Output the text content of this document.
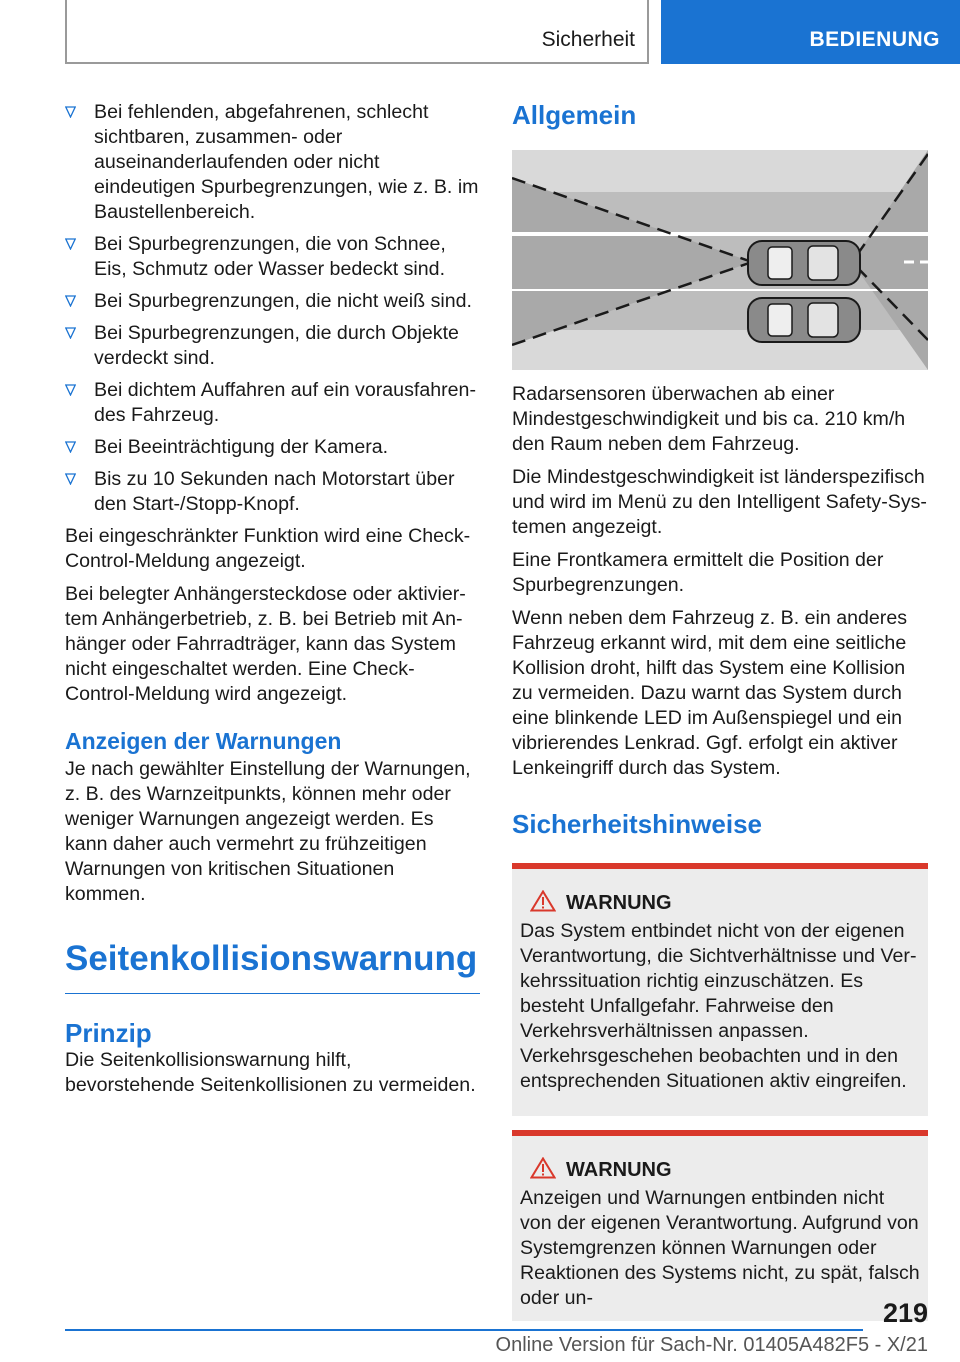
Sicherheit	BEDIENUNG
Bei fehlenden, abgefahrenen, schlecht sichtbaren, zusammen- oder auseinanderlaufenden oder nicht eindeutigen Spurbegrenzungen, wie z. B. im Baustellenbereich.
Bei Spurbegrenzungen, die von Schnee, Eis, Schmutz oder Wasser bedeckt sind.
Bei Spurbegrenzungen, die nicht weiß sind.
Bei Spurbegrenzungen, die durch Objekte verdeckt sind.
Bei dichtem Auffahren auf ein vorausfahrendes Fahrzeug.
Bei Beeinträchtigung der Kamera.
Bis zu 10 Sekunden nach Motorstart über den Start-/Stopp-Knopf.

Bei eingeschränkter Funktion wird eine Check-Control-Meldung angezeigt.

Bei belegter Anhängersteckdose oder aktiviertem Anhängerbetrieb, z. B. bei Betrieb mit Anhänger oder Fahrradträger, kann das System nicht eingeschaltet werden. Eine Check-Control-Meldung wird angezeigt.

Anzeigen der Warnungen

Je nach gewählter Einstellung der Warnungen, z. B. des Warnzeitpunkts, können mehr oder weniger Warnungen angezeigt werden. Es kann daher auch vermehrt zu frühzeitigen Warnungen von kritischen Situationen kommen.

Seitenkollisionswarnung
Prinzip

Die Seitenkollisionswarnung hilft, bevorstehende Seitenkollisionen zu vermeiden.

Allgemein

Radarsensoren überwachen ab einer Mindestgeschwindigkeit und bis ca. 210 km/h den Raum neben dem Fahrzeug.

Die Mindestgeschwindigkeit ist länderspezifisch und wird im Menü zu den Intelligent Safety-Systemen angezeigt.

Eine Frontkamera ermittelt die Position der Spurbegrenzungen.

Wenn neben dem Fahrzeug z. B. ein anderes Fahrzeug erkannt wird, mit dem eine seitliche Kollision droht, hilft das System eine Kollision zu vermeiden. Dazu warnt das System durch eine blinkende LED im Außenspiegel und ein vibrierendes Lenkrad. Ggf. erfolgt ein aktiver Lenkeingriff durch das System.

Sicherheitshinweise
WARNUNG

Das System entbindet nicht von der eigenen Verantwortung, die Sichtverhältnisse und Verkehrssituation richtig einzuschätzen. Es besteht Unfallgefahr. Fahrweise den Verkehrsverhältnissen anpassen. Verkehrsgeschehen beobachten und in den entsprechenden Situationen aktiv eingreifen.

WARNUNG

Anzeigen und Warnungen entbinden nicht von der eigenen Verantwortung. Aufgrund von Systemgrenzen können Warnungen oder Reaktionen des Systems nicht, zu spät, falsch oder un-	219
Online Version für Sach-Nr. 01405A482F5 - X/21
